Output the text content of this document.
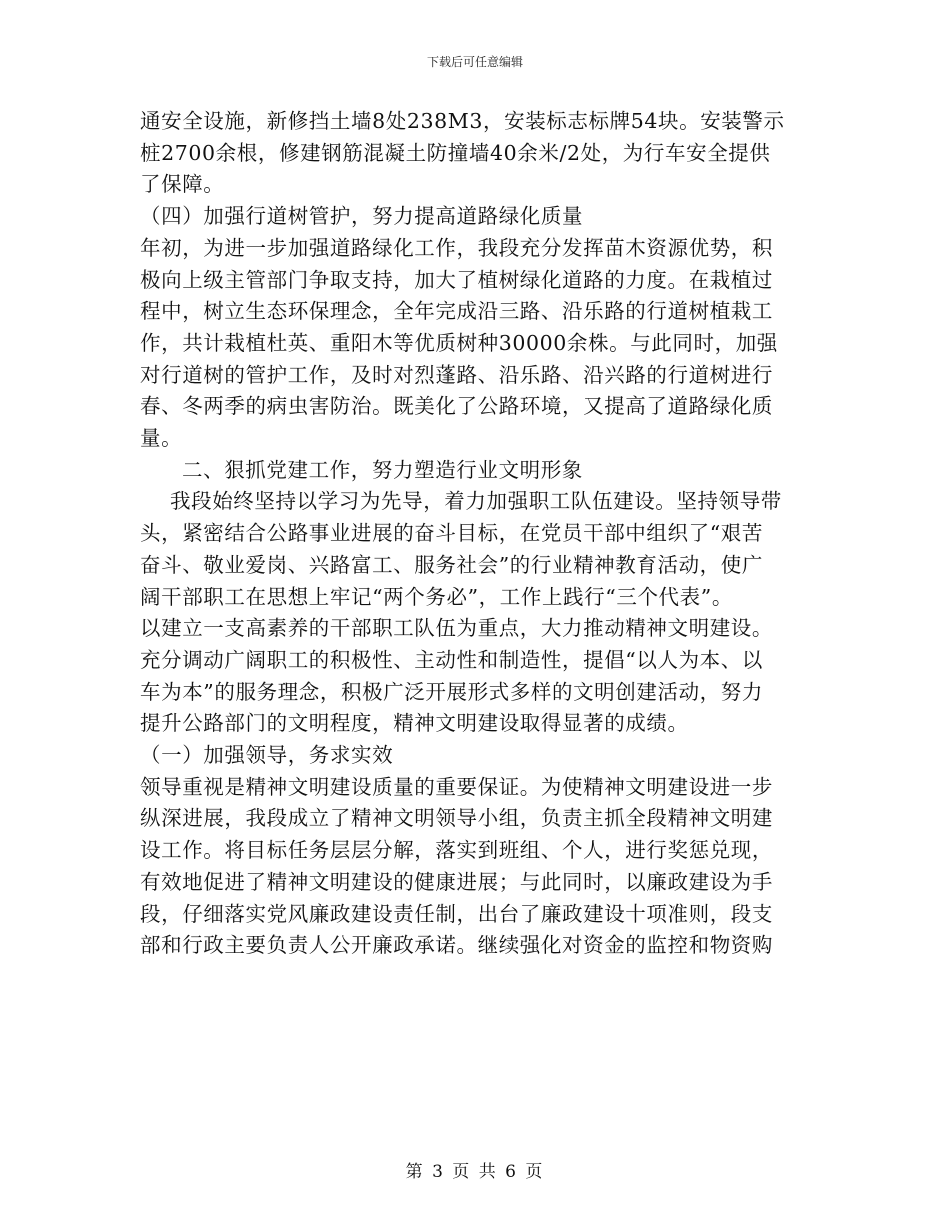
下载后可任意编辑
通安全设施，新修挡土墙8处238M3，安装标志标牌54块。安装警示
桩2700余根，修建钢筋混凝土防撞墙40余米/2处，为行车安全提供
了保障。
（四）加强行道树管护，努力提高道路绿化质量
年初，为进一步加强道路绿化工作，我段充分发挥苗木资源优势，积
极向上级主管部门争取支持，加大了植树绿化道路的力度。在栽植过
程中，树立生态环保理念，全年完成沿三路、沿乐路的行道树植栽工
作，共计栽植杜英、重阳木等优质树种30000余株。与此同时，加强
对行道树的管护工作，及时对烈蓬路、沿乐路、沿兴路的行道树进行
春、冬两季的病虫害防治。既美化了公路环境，又提高了道路绿化质
量。
二、狠抓党建工作，努力塑造行业文明形象
我段始终坚持以学习为先导，着力加强职工队伍建设。坚持领导带
头，紧密结合公路事业进展的奋斗目标，在党员干部中组织了“艰苦
奋斗、敬业爱岗、兴路富工、服务社会”的行业精神教育活动，使广
阔干部职工在思想上牢记“两个务必”，工作上践行“三个代表”。
以建立一支高素养的干部职工队伍为重点，大力推动精神文明建设。
充分调动广阔职工的积极性、主动性和制造性，提倡“以人为本、以
车为本”的服务理念，积极广泛开展形式多样的文明创建活动，努力
提升公路部门的文明程度，精神文明建设取得显著的成绩。
（一）加强领导，务求实效
领导重视是精神文明建设质量的重要保证。为使精神文明建设进一步
纵深进展，我段成立了精神文明领导小组，负责主抓全段精神文明建
设工作。将目标任务层层分解，落实到班组、个人，进行奖惩兑现，
有效地促进了精神文明建设的健康进展；与此同时，以廉政建设为手
段，仔细落实党风廉政建设责任制，出台了廉政建设十项准则，段支
部和行政主要负责人公开廉政承诺。继续强化对资金的监控和物资购
第 3 页 共 6 页
